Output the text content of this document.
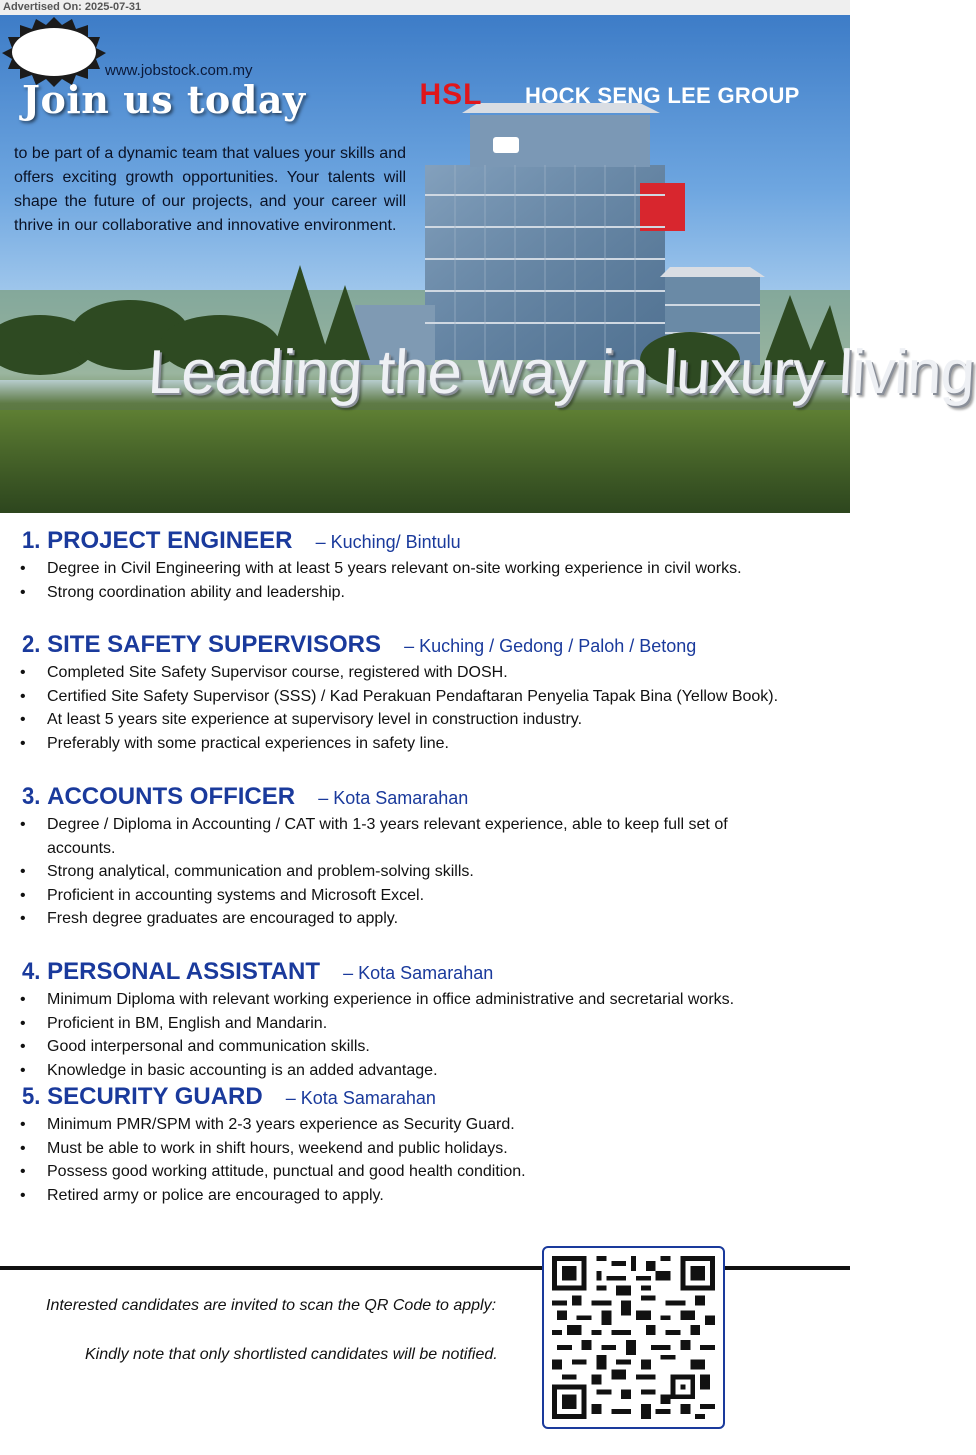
Advertised On: 2025-07-31
www.jobstock.com.my
Join us today
to be part of a dynamic team that values your skills and offers exciting growth opportunities. Your talents will shape the future of our projects, and your career will thrive in our collaborative and innovative environment.
HSL HOCK SENG LEE GROUP
Leading the way in luxury living
1. PROJECT ENGINEER – Kuching/ Bintulu
• Degree in Civil Engineering with at least 5 years relevant on-site working experience in civil works.
• Strong coordination ability and leadership.
2. SITE SAFETY SUPERVISORS – Kuching / Gedong / Paloh / Betong
• Completed Site Safety Supervisor course, registered with DOSH.
• Certified Site Safety Supervisor (SSS) / Kad Perakuan Pendaftaran Penyelia Tapak Bina (Yellow Book).
• At least 5 years site experience at supervisory level in construction industry.
• Preferably with some practical experiences in safety line.
3. ACCOUNTS OFFICER – Kota Samarahan
• Degree / Diploma in Accounting / CAT with 1-3 years relevant experience, able to keep full set of accounts.
• Strong analytical, communication and problem-solving skills.
• Proficient in accounting systems and Microsoft Excel.
• Fresh degree graduates are encouraged to apply.
4. PERSONAL ASSISTANT – Kota Samarahan
• Minimum Diploma with relevant working experience in office administrative and secretarial works.
• Proficient in BM, English and Mandarin.
• Good interpersonal and communication skills.
• Knowledge in basic accounting is an added advantage.
5. SECURITY GUARD – Kota Samarahan
• Minimum PMR/SPM with 2-3 years experience as Security Guard.
• Must be able to work in shift hours, weekend and public holidays.
• Possess good working attitude, punctual and good health condition.
• Retired army or police are encouraged to apply.
Interested candidates are invited to scan the QR Code to apply:
Kindly note that only shortlisted candidates will be notified.
